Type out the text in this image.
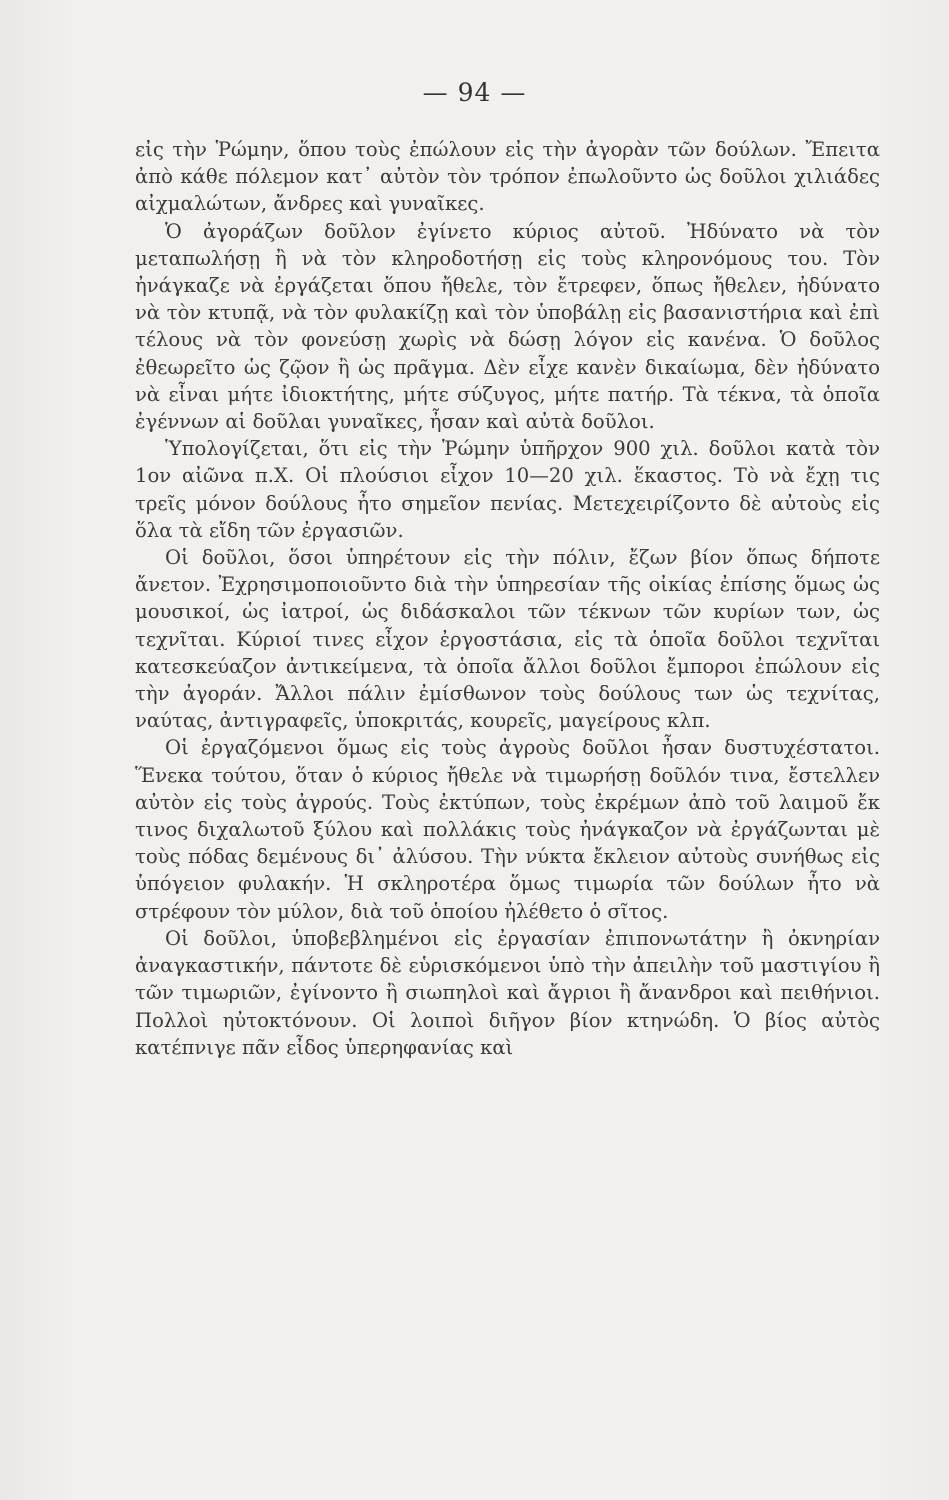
— 94 —

εἰς τὴν Ῥώμην, ὅπου τοὺς ἐπώλουν εἰς τὴν ἀγορὰν τῶν δούλων. Ἔπειτα ἀπὸ κάθε πόλεμον κατ᾽ αὐτὸν τὸν τρόπον ἐπωλοῦντο ὡς δοῦλοι χιλιάδες αἰχμαλώτων, ἄνδρες καὶ γυναῖκες.

Ὁ ἀγοράζων δοῦλον ἐγίνετο κύριος αὐτοῦ. Ἠδύνατο νὰ τὸν μεταπωλήσῃ ἢ νὰ τὸν κληροδοτήσῃ εἰς τοὺς κληρονόμους του. Τὸν ἠνάγκαζε νὰ ἐργάζεται ὅπου ἤθελε, τὸν ἔτρεφεν, ὅπως ἤθελεν, ἠδύνατο νὰ τὸν κτυπᾷ, νὰ τὸν φυλακίζῃ καὶ τὸν ὑποβάλῃ εἰς βασανιστήρια καὶ ἐπὶ τέλους νὰ τὸν φονεύσῃ χωρὶς νὰ δώσῃ λόγον εἰς κανένα. Ὁ δοῦλος ἐθεωρεῖτο ὡς ζῷον ἢ ὡς πρᾶγμα. Δὲν εἶχε κανὲν δικαίωμα, δὲν ἠδύνατο νὰ εἶναι μήτε ἰδιοκτήτης, μήτε σύζυγος, μήτε πατήρ. Τὰ τέκνα, τὰ ὁποῖα ἐγέννων αἱ δοῦλαι γυναῖκες, ἦσαν καὶ αὐτὰ δοῦλοι.

Ὑπολογίζεται, ὅτι εἰς τὴν Ῥώμην ὑπῆρχον 900 χιλ. δοῦλοι κατὰ τὸν 1ον αἰῶνα π.Χ. Οἱ πλούσιοι εἶχον 10—20 χιλ. ἕκαστος. Τὸ νὰ ἔχῃ τις τρεῖς μόνον δούλους ἦτο σημεῖον πενίας. Μετεχειρίζοντο δὲ αὐτοὺς εἰς ὅλα τὰ εἴδη τῶν ἐργασιῶν.

Οἱ δοῦλοι, ὅσοι ὑπηρέτουν εἰς τὴν πόλιν, ἔζων βίον ὅπως δήποτε ἄνετον. Ἐχρησιμοποιοῦντο διὰ τὴν ὑπηρεσίαν τῆς οἰκίας ἐπίσης ὅμως ὡς μουσικοί, ὡς ἰατροί, ὡς διδάσκαλοι τῶν τέκνων τῶν κυρίων των, ὡς τεχνῖται. Κύριοί τινες εἶχον ἐργοστάσια, εἰς τὰ ὁποῖα δοῦλοι τεχνῖται κατεσκεύαζον ἀντικείμενα, τὰ ὁποῖα ἄλλοι δοῦλοι ἔμποροι ἐπώλουν εἰς τὴν ἀγοράν. Ἄλλοι πάλιν ἐμίσθωνον τοὺς δούλους των ὡς τεχνίτας, ναύτας, ἀντιγραφεῖς, ὑποκριτάς, κουρεῖς, μαγείρους κλπ.

Οἱ ἐργαζόμενοι ὅμως εἰς τοὺς ἀγροὺς δοῦλοι ἦσαν δυστυχέστατοι. Ἕνεκα τούτου, ὅταν ὁ κύριος ἤθελε νὰ τιμωρήσῃ δοῦλόν τινα, ἔστελλεν αὐτὸν εἰς τοὺς ἀγρούς. Τοὺς ἐκτύπων, τοὺς ἐκρέμων ἀπὸ τοῦ λαιμοῦ ἔκ τινος διχαλωτοῦ ξύλου καὶ πολλάκις τοὺς ἠνάγκαζον νὰ ἐργάζωνται μὲ τοὺς πόδας δεμένους δι᾽ ἀλύσου. Τὴν νύκτα ἔκλειον αὐτοὺς συνήθως εἰς ὑπόγειον φυλακήν. Ἡ σκληροτέρα ὅμως τιμωρία τῶν δούλων ἦτο νὰ στρέφουν τὸν μύλον, διὰ τοῦ ὁποίου ἠλέθετο ὁ σῖτος.

Οἱ δοῦλοι, ὑποβεβλημένοι εἰς ἐργασίαν ἐπιπονωτάτην ἢ ὀκνηρίαν ἀναγκαστικήν, πάντοτε δὲ εὑρισκόμενοι ὑπὸ τὴν ἀπειλὴν τοῦ μαστιγίου ἢ τῶν τιμωριῶν, ἐγίνοντο ἢ σιωπηλοὶ καὶ ἄγριοι ἢ ἄνανδροι καὶ πειθήνιοι. Πολλοὶ ηὐτοκτόνουν. Οἱ λοιποὶ διῆγον βίον κτηνώδη. Ὁ βίος αὐτὸς κατέπνιγε πᾶν εἶδος ὑπερηφανίας καὶ
